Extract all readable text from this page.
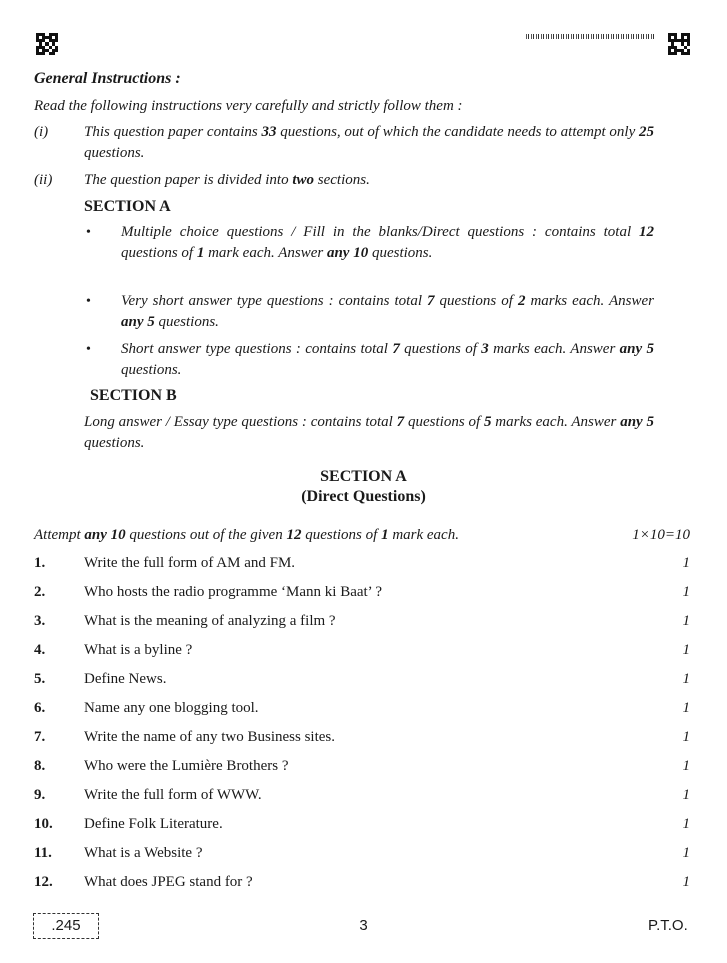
General Instructions :
Read the following instructions very carefully and strictly follow them :
(i)	This question paper contains 33 questions, out of which the candidate needs to attempt only 25 questions.
(ii)	The question paper is divided into two sections.
SECTION A
• Multiple choice questions / Fill in the blanks/Direct questions : contains total 12 questions of 1 mark each. Answer any 10 questions.
• Very short answer type questions : contains total 7 questions of 2 marks each. Answer any 5 questions.
• Short answer type questions : contains total 7 questions of 3 marks each. Answer any 5 questions.
SECTION B
Long answer / Essay type questions : contains total 7 questions of 5 marks each. Answer any 5 questions.
SECTION A
(Direct Questions)
Attempt any 10 questions out of the given 12 questions of 1 mark each.	1×10=10
1.	Write the full form of AM and FM.	1
2.	Who hosts the radio programme ‘Mann ki Baat’ ?	1
3.	What is the meaning of analyzing a film ?	1
4.	What is a byline ?	1
5.	Define News.	1
6.	Name any one blogging tool.	1
7.	Write the name of any two Business sites.	1
8.	Who were the Lumière Brothers ?	1
9.	Write the full form of WWW.	1
10. Define Folk Literature.	1
11. What is a Website ?	1
12. What does JPEG stand for ?	1
.245	3	P.T.O.
